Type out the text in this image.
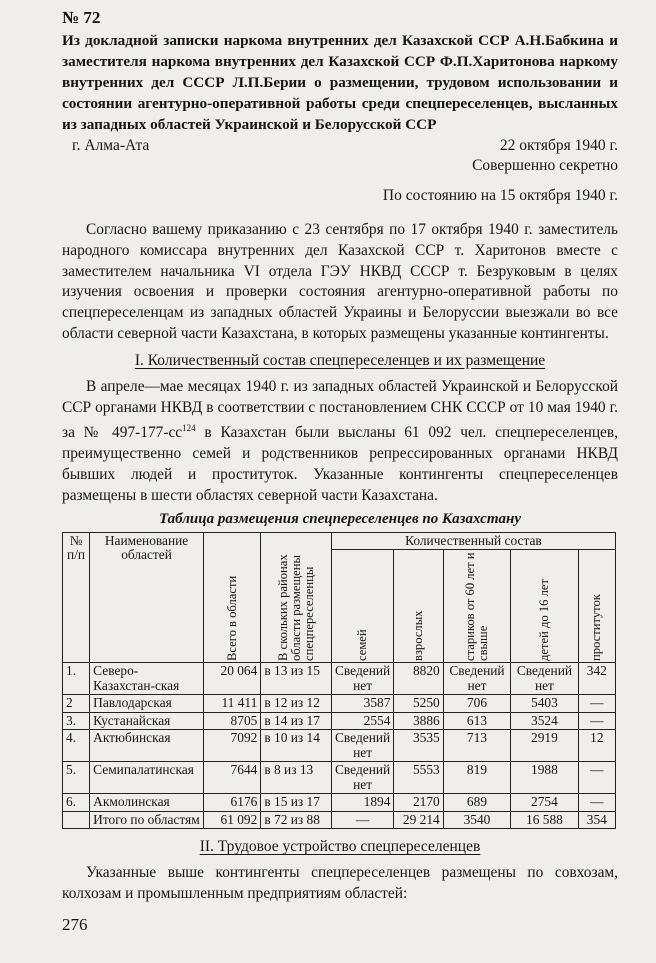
№ 72
Из докладной записки наркома внутренних дел Казахской ССР А.Н.Бабкина и заместителя наркома внутренних дел Казахской ССР Ф.П.Харитонова наркому внутренних дел СССР Л.П.Берии о размещении, трудовом использовании и состоянии агентурно-оперативной работы среди спецпереселенцев, высланных из западных областей Украинской и Белорусской ССР
г. Алма-Ата	22 октября 1940 г.
Совершенно секретно
По состоянию на 15 октября 1940 г.

Согласно вашему приказанию с 23 сентября по 17 октября 1940 г. заместитель народного комиссара внутренних дел Казахской ССР т. Харитонов вместе с заместителем начальника VI отдела ГЭУ НКВД СССР т. Безруковым в целях изучения освоения и проверки состояния агентурно-оперативной работы по спецпереселенцам из западных областей Украины и Белоруссии выезжали во все области северной части Казахстана, в которых размещены указанные контингенты.

I. Количественный состав спецпереселенцев и их размещение

В апреле—мае месяцах 1940 г. из западных областей Украинской и Белорусской ССР органами НКВД в соответствии с постановлением СНК СССР от 10 мая 1940 г. за № $497-177-сс^{124}$ в Казахстан были высланы 61 092 чел. спецпереселенцев, преимущественно семей и родственников репрессированных органами НКВД бывших людей и проституток. Указанные контингенты спецпереселенцев размещены в шести областях северной части Казахстана.

Таблица размещения спецпереселенцев по Казахстану
№ п/п	Наименование областей	Всего в области	В скольких районах области размещены спецпереселенцы	Количественный состав				

				семей	взрослых	стариков от 60 лет и свыше	детей до 16 лет	проституток

1.	Северо-Казахстан-ская	20 064	в 13 из 15	Сведений нет	8820	Сведений нет	Сведений нет	342
2	Павлодарская	11 411	в 12 из 12	3587	5250	706	5403	—
3.	Кустанайская	8705	в 14 из 17	2554	3886	613	3524	—
4.	Актюбинская	7092	в 10 из 14	Сведений нет	3535	713	2919	12
5.	Семипалатинская	7644	в 8 из 13	Сведений нет	5553	819	1988	—
6.	Акмолинская	6176	в 15 из 17	1894	2170	689	2754	—
	Итого по областям	61 092	в 72 из 88	—	29 214	3540	16 588	354
II. Трудовое устройство спецпереселенцев

Указанные выше контингенты спецпереселенцев размещены по совхозам, колхозам и промышленным предприятиям областей:

276
